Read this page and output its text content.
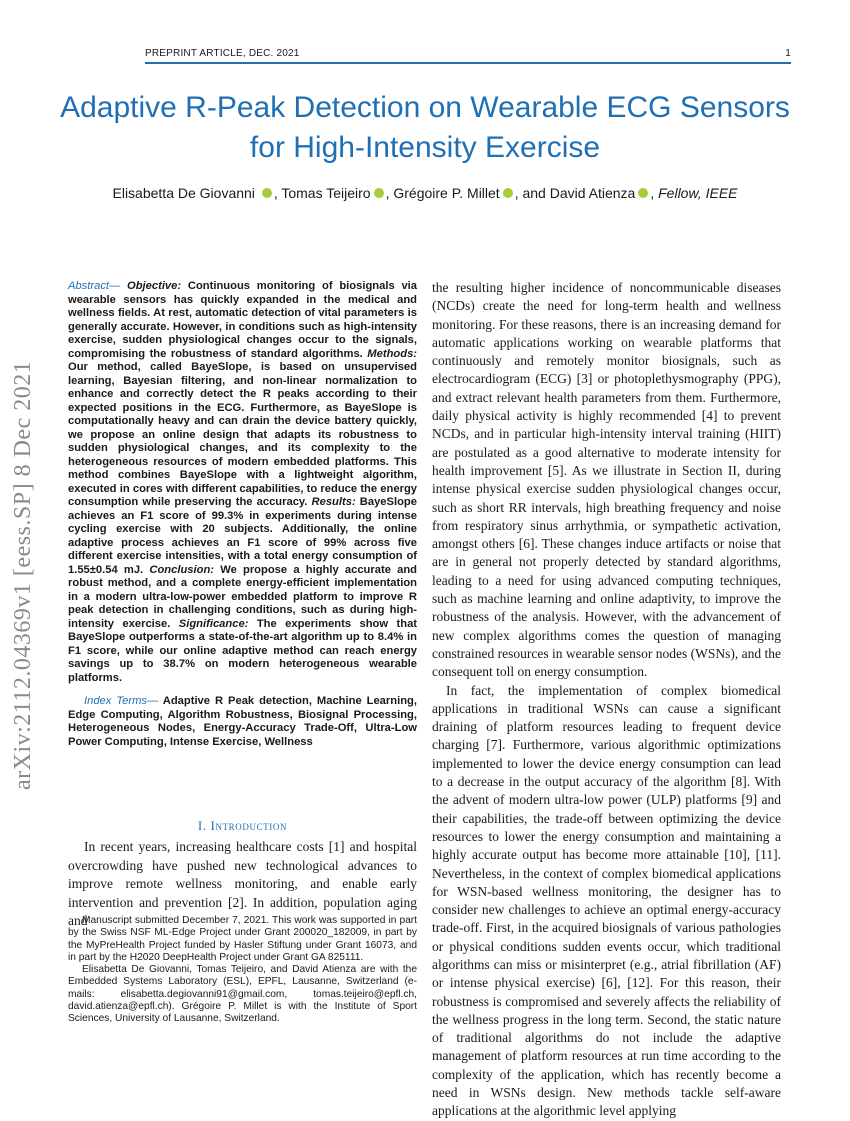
PREPRINT ARTICLE, DEC. 2021	1
Adaptive R-Peak Detection on Wearable ECG Sensors for High-Intensity Exercise
Elisabetta De Giovanni , Tomas Teijeiro , Grégoire P. Millet , and David Atienza , Fellow, IEEE
arXiv:2112.04369v1 [eess.SP] 8 Dec 2021

Abstract— Objective: Continuous monitoring of biosignals via wearable sensors has quickly expanded in the medical and wellness fields. At rest, automatic detection of vital parameters is generally accurate. However, in conditions such as high-intensity exercise, sudden physiological changes occur to the signals, compromising the robustness of standard algorithms. Methods: Our method, called BayeSlope, is based on unsupervised learning, Bayesian filtering, and non-linear normalization to enhance and correctly detect the R peaks according to their expected positions in the ECG. Furthermore, as BayeSlope is computationally heavy and can drain the device battery quickly, we propose an online design that adapts its robustness to sudden physiological changes, and its complexity to the heterogeneous resources of modern embedded platforms. This method combines BayeSlope with a lightweight algorithm, executed in cores with different capabilities, to reduce the energy consumption while preserving the accuracy. Results: BayeSlope achieves an F1 score of 99.3% in experiments during intense cycling exercise with 20 subjects. Additionally, the online adaptive process achieves an F1 score of 99% across five different exercise intensities, with a total energy consumption of 1.55±0.54 mJ. Conclusion: We propose a highly accurate and robust method, and a complete energy-efficient implementation in a modern ultra-low-power embedded platform to improve R peak detection in challenging conditions, such as during high-intensity exercise. Significance: The experiments show that BayeSlope outperforms a state-of-the-art algorithm up to 8.4% in F1 score, while our online adaptive method can reach energy savings up to 38.7% on modern heterogeneous wearable platforms.

Index Terms— Adaptive R Peak detection, Machine Learning, Edge Computing, Algorithm Robustness, Biosignal Processing, Heterogeneous Nodes, Energy-Accuracy Trade-Off, Ultra-Low Power Computing, Intense Exercise, Wellness

I. Introduction

In recent years, increasing healthcare costs [1] and hospital overcrowding have pushed new technological advances to improve remote wellness monitoring, and enable early intervention and prevention [2]. In addition, population aging and

Manuscript submitted December 7, 2021. This work was supported in part by the Swiss NSF ML-Edge Project under Grant 200020_182009, in part by the MyPreHealth Project funded by Hasler Stiftung under Grant 16073, and in part by the H2020 DeepHealth Project under Grant GA 825111.

Elisabetta De Giovanni, Tomas Teijeiro, and David Atienza are with the Embedded Systems Laboratory (ESL), EPFL, Lausanne, Switzerland (e-mails: elisabetta.degiovanni91@gmail.com, tomas.teijeiro@epfl.ch, david.atienza@epfl.ch). Grégoire P. Millet is with the Institute of Sport Sciences, University of Lausanne, Switzerland.

the resulting higher incidence of noncommunicable diseases (NCDs) create the need for long-term health and wellness monitoring. For these reasons, there is an increasing demand for automatic applications working on wearable platforms that continuously and remotely monitor biosignals, such as electrocardiogram (ECG) [3] or photoplethysmography (PPG), and extract relevant health parameters from them. Furthermore, daily physical activity is highly recommended [4] to prevent NCDs, and in particular high-intensity interval training (HIIT) are postulated as a good alternative to moderate intensity for health improvement [5]. As we illustrate in Section II, during intense physical exercise sudden physiological changes occur, such as short RR intervals, high breathing frequency and noise from respiratory sinus arrhythmia, or sympathetic activation, amongst others [6]. These changes induce artifacts or noise that are in general not properly detected by standard algorithms, leading to a need for using advanced computing techniques, such as machine learning and online adaptivity, to improve the robustness of the analysis. However, with the advancement of new complex algorithms comes the question of managing constrained resources in wearable sensor nodes (WSNs), and the consequent toll on energy consumption.

In fact, the implementation of complex biomedical applications in traditional WSNs can cause a significant draining of platform resources leading to frequent device charging [7]. Furthermore, various algorithmic optimizations implemented to lower the device energy consumption can lead to a decrease in the output accuracy of the algorithm [8]. With the advent of modern ultra-low power (ULP) platforms [9] and their capabilities, the trade-off between optimizing the device resources to lower the energy consumption and maintaining a highly accurate output has become more attainable [10], [11]. Nevertheless, in the context of complex biomedical applications for WSN-based wellness monitoring, the designer has to consider new challenges to achieve an optimal energy-accuracy trade-off. First, in the acquired biosignals of various pathologies or physical conditions sudden events occur, which traditional algorithms can miss or misinterpret (e.g., atrial fibrillation (AF) or intense physical exercise) [6], [12]. For this reason, their robustness is compromised and severely affects the reliability of the wellness progress in the long term. Second, the static nature of traditional algorithms do not include the adaptive management of platform resources at run time according to the complexity of the application, which has recently become a need in WSNs design. New methods tackle self-aware applications at the algorithmic level applying
